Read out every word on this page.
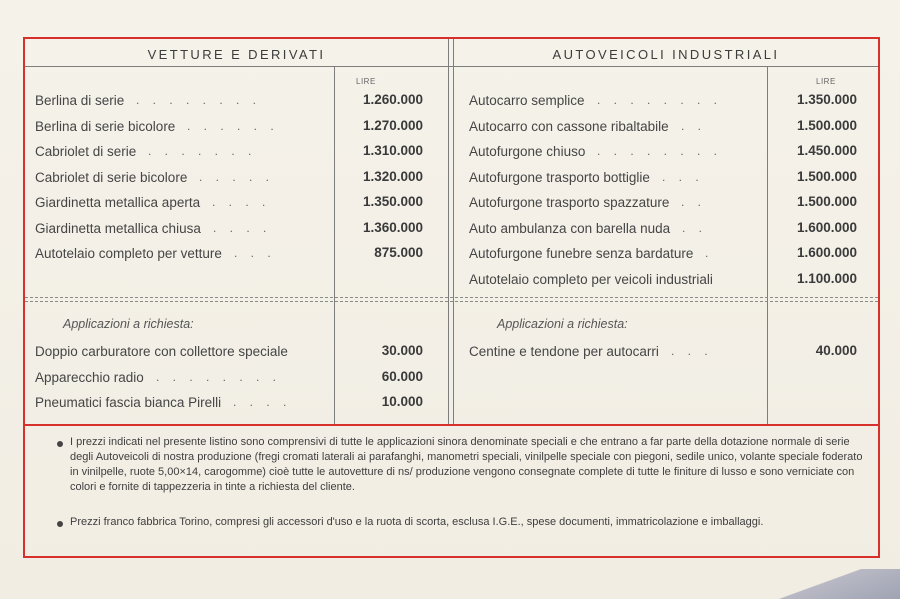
VETTURE E DERIVATI	AUTOVEICOLI INDUSTRIALI
LIRE	LIRE
Berlina di serie . . . . . . . .	1.260.000
Berlina di serie bicolore . . . . . .	1.270.000
Cabriolet di serie . . . . . . .	1.310.000
Cabriolet di serie bicolore . . . . .	1.320.000
Giardinetta metallica aperta . . . .	1.350.000
Giardinetta metallica chiusa . . . .	1.360.000
Autotelaio completo per vetture . . .	875.000
Autocarro semplice . . . . . . . .	1.350.000
Autocarro con cassone ribaltabile . .	1.500.000
Autofurgone chiuso . . . . . . . .	1.450.000
Autofurgone trasporto bottiglie . . .	1.500.000
Autofurgone trasporto spazzature . .	1.500.000
Auto ambulanza con barella nuda . .	1.600.000
Autofurgone funebre senza bardature .	1.600.000
Autotelaio completo per veicoli industriali	1.100.000
Applicazioni a richiesta:	Applicazioni a richiesta:
Doppio carburatore con collettore speciale	30.000
Apparecchio radio . . . . . . . .	60.000
Pneumatici fascia bianca Pirelli . . . .	10.000
Centine e tendone per autocarri . . .	40.000
I prezzi indicati nel presente listino sono comprensivi di tutte le applicazioni sinora denominate speciali e che entrano a far parte della dotazione normale di serie degli Autoveicoli di nostra produzione (fregi cromati laterali ai parafanghi, manometri speciali, vinilpelle speciale con piegoni, sedile unico, volante speciale foderato in vinilpelle, ruote 5,00×14, carogomme) cioè tutte le autovetture di ns/ produzione vengono consegnate complete di tutte le finiture di lusso e sono verniciate con colori e fornite di tappezzeria in tinte a richiesta del cliente.
Prezzi franco fabbrica Torino, compresi gli accessori d'uso e la ruota di scorta, esclusa I.G.E., spese documenti, immatricolazione e imballaggi.
